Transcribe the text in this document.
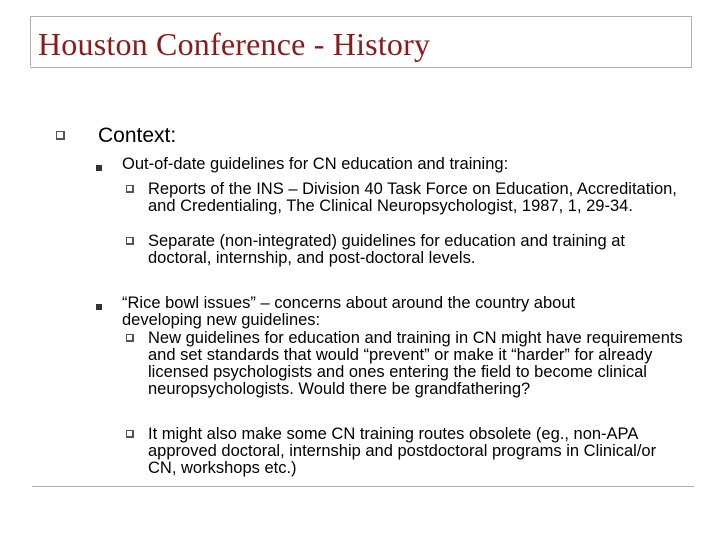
Houston Conference - History
Context:
Out-of-date guidelines for CN education and training:
Reports of the INS – Division 40 Task Force on Education, Accreditation, and Credentialing, The Clinical Neuropsychologist, 1987, 1, 29-34.
Separate (non-integrated) guidelines for education and training at doctoral, internship, and post-doctoral levels.
“Rice bowl issues” – concerns about around the country about developing new guidelines:
New guidelines for education and training in CN might have requirements and set standards that would “prevent” or make it “harder” for already licensed psychologists and ones entering the field to become clinical neuropsychologists. Would there be grandfathering?
It might also make some CN training routes obsolete (eg., non-APA approved doctoral, internship and postdoctoral programs in Clinical/or CN, workshops etc.)
